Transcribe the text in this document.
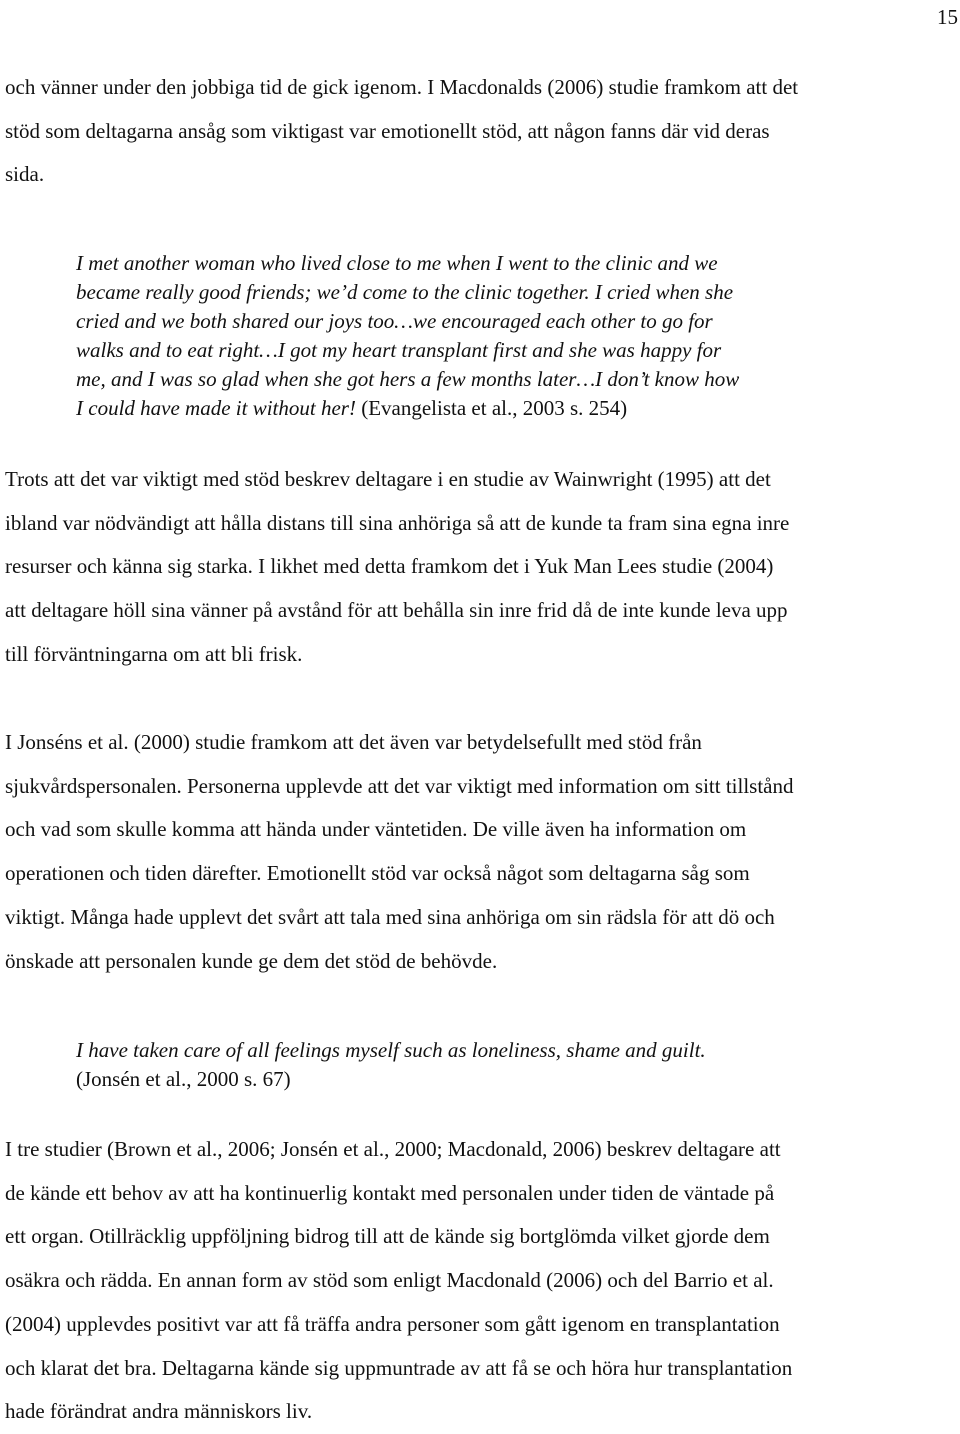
15

och vänner under den jobbiga tid de gick igenom. I Macdonalds (2006) studie framkom att det
stöd som deltagarna ansåg som viktigast var emotionellt stöd, att någon fanns där vid deras
sida.

I met another woman who lived close to me when I went to the clinic and we
became really good friends; we’d come to the clinic together. I cried when she
cried and we both shared our joys too…we encouraged each other to go for
walks and to eat right…I got my heart transplant first and she was happy for
me, and I was so glad when she got hers a few months later…I don’t know how
I could have made it without her! (Evangelista et al., 2003 s. 254)

Trots att det var viktigt med stöd beskrev deltagare i en studie av Wainwright (1995) att det
ibland var nödvändigt att hålla distans till sina anhöriga så att de kunde ta fram sina egna inre
resurser och känna sig starka. I likhet med detta framkom det i Yuk Man Lees studie (2004)
att deltagare höll sina vänner på avstånd för att behålla sin inre frid då de inte kunde leva upp
till förväntningarna om att bli frisk.

I Jonséns et al. (2000) studie framkom att det även var betydelsefullt med stöd från
sjukvårdspersonalen. Personerna upplevde att det var viktigt med information om sitt tillstånd
och vad som skulle komma att hända under väntetiden. De ville även ha information om
operationen och tiden därefter. Emotionellt stöd var också något som deltagarna såg som
viktigt. Många hade upplevt det svårt att tala med sina anhöriga om sin rädsla för att dö och
önskade att personalen kunde ge dem det stöd de behövde.

I have taken care of all feelings myself such as loneliness, shame and guilt.
(Jonsén et al., 2000 s. 67)

I tre studier (Brown et al., 2006; Jonsén et al., 2000; Macdonald, 2006) beskrev deltagare att
de kände ett behov av att ha kontinuerlig kontakt med personalen under tiden de väntade på
ett organ. Otillräcklig uppföljning bidrog till att de kände sig bortglömda vilket gjorde dem
osäkra och rädda. En annan form av stöd som enligt Macdonald (2006) och del Barrio et al.
(2004) upplevdes positivt var att få träffa andra personer som gått igenom en transplantation
och klarat det bra. Deltagarna kände sig uppmuntrade av att få se och höra hur transplantation
hade förändrat andra människors liv.
